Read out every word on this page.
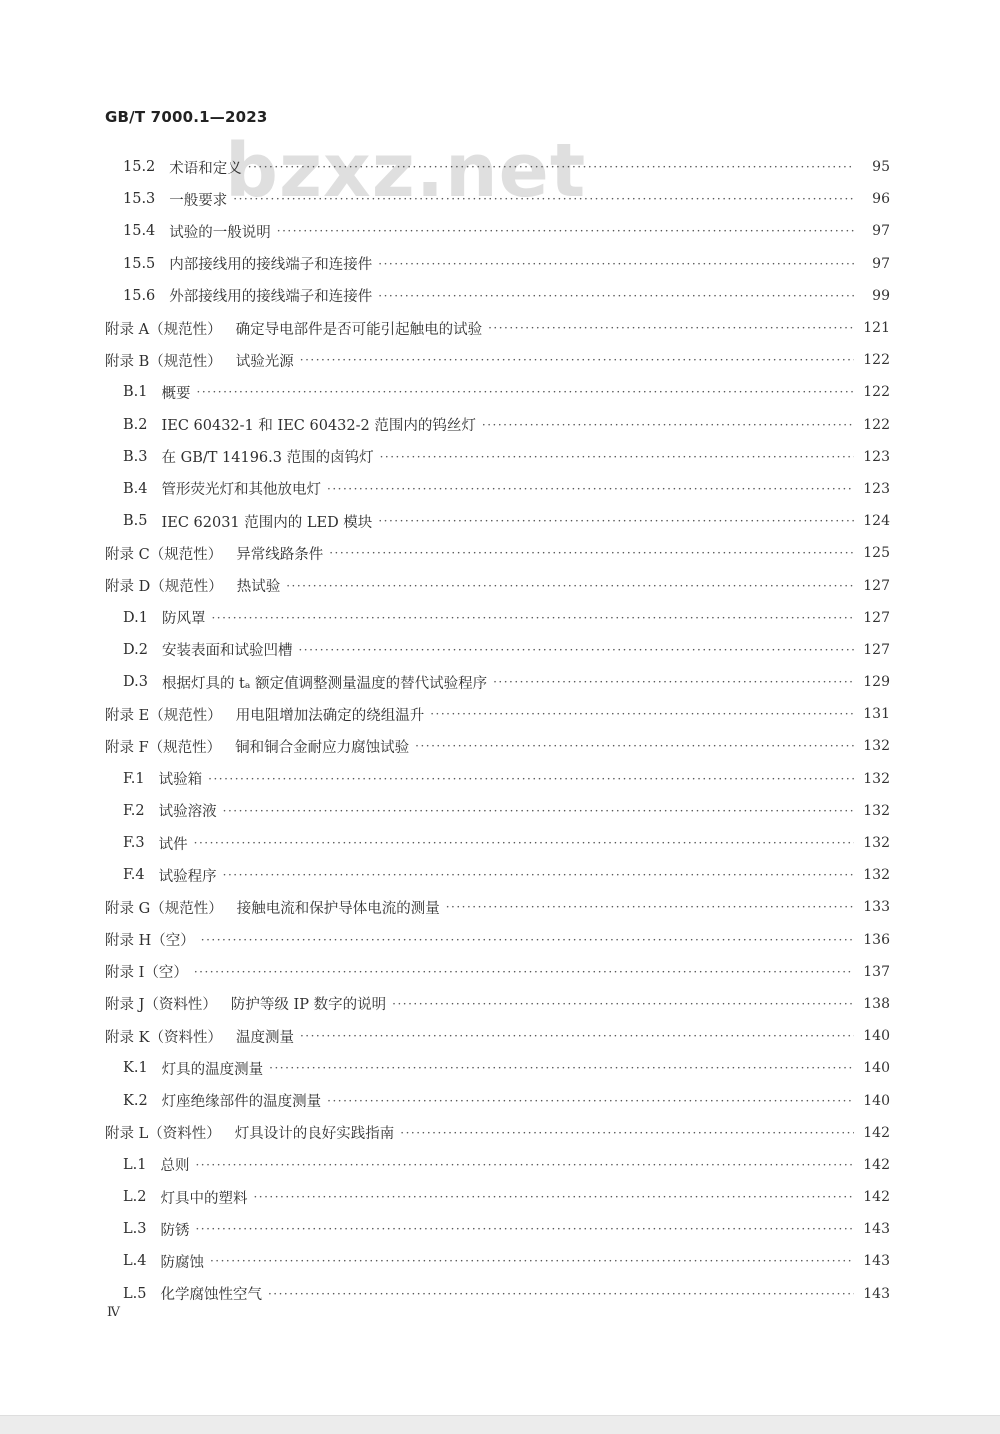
GB/T 7000.1—2023
bzxz.net
15.2 术语和定义 ·····	95
15.3 一般要求 ·····	96
15.4 试验的一般说明 ·····	97
15.5 内部接线用的接线端子和连接件 ·····	97
15.6 外部接线用的接线端子和连接件 ·····	99
附录 A（规范性） 确定导电部件是否可能引起触电的试验 ·····	121
附录 B（规范性） 试验光源 ·····	122
B.1 概要 ·····	122
B.2 IEC 60432-1 和 IEC 60432-2 范围内的钨丝灯 ·····	122
B.3 在 GB/T 14196.3 范围的卤钨灯 ·····	123
B.4 管形荧光灯和其他放电灯 ·····	123
B.5 IEC 62031 范围内的 LED 模块 ·····	124
附录 C（规范性） 异常线路条件 ·····	125
附录 D（规范性） 热试验 ·····	127
D.1 防风罩 ·····	127
D.2 安装表面和试验凹槽 ·····	127
D.3 根据灯具的 tₐ 额定值调整测量温度的替代试验程序 ·····	129
附录 E（规范性） 用电阻增加法确定的绕组温升 ·····	131
附录 F（规范性） 铜和铜合金耐应力腐蚀试验 ·····	132
F.1 试验箱 ·····	132
F.2 试验溶液 ·····	132
F.3 试件 ·····	132
F.4 试验程序 ·····	132
附录 G（规范性） 接触电流和保护导体电流的测量 ·····	133
附录 H（空） ·····	136
附录 I（空） ·····	137
附录 J（资料性） 防护等级 IP 数字的说明 ·····	138
附录 K（资料性） 温度测量 ·····	140
K.1 灯具的温度测量 ·····	140
K.2 灯座绝缘部件的温度测量 ·····	140
附录 L（资料性） 灯具设计的良好实践指南 ·····	142
L.1 总则 ·····	142
L.2 灯具中的塑料 ·····	142
L.3 防锈 ·····	143
L.4 防腐蚀 ·····	143
L.5 化学腐蚀性空气 ·····	143
Ⅳ
